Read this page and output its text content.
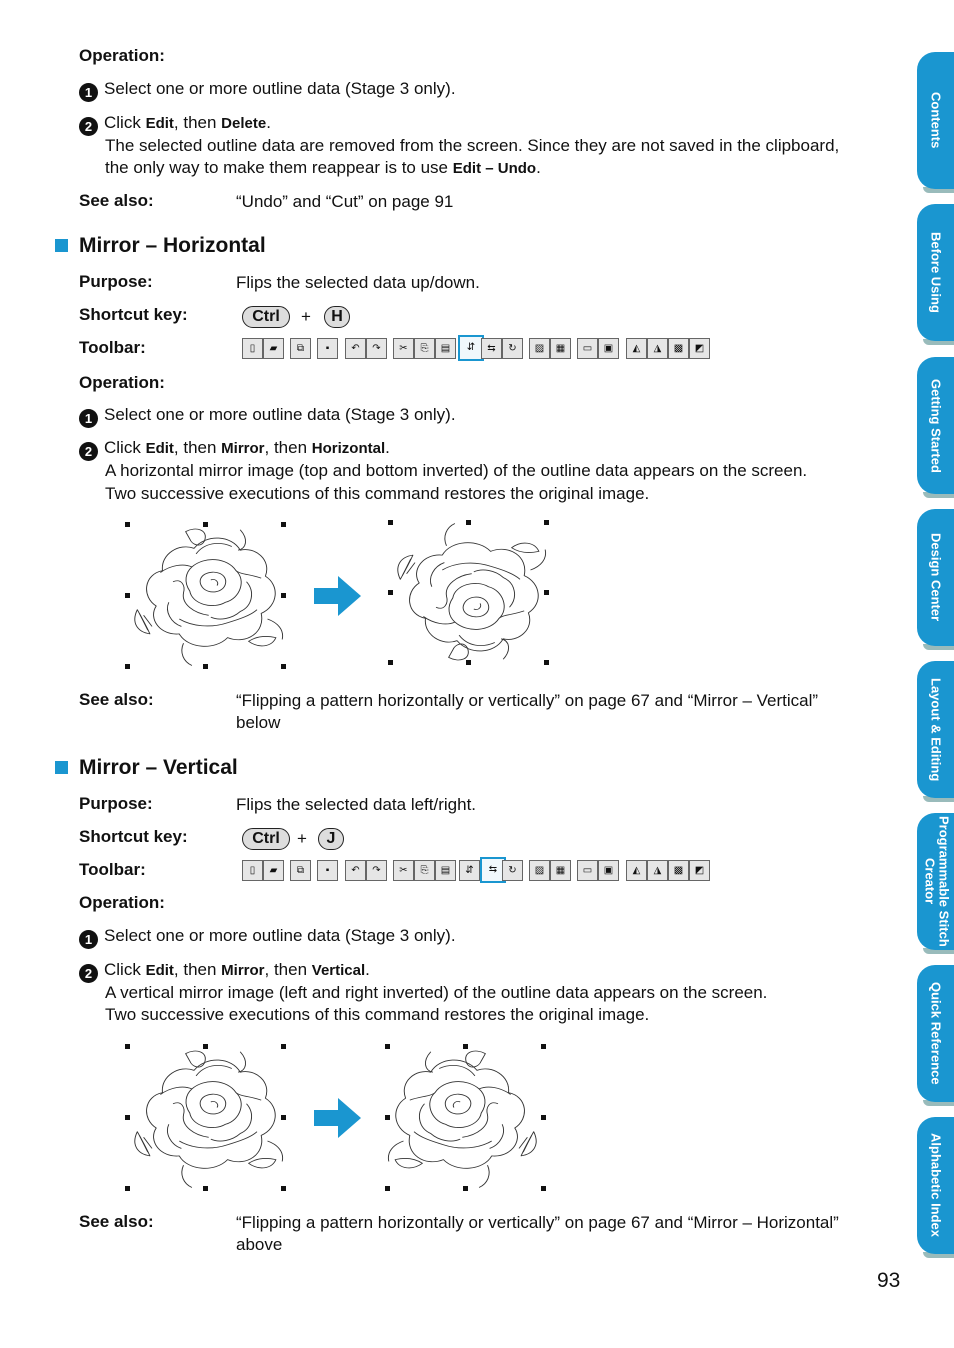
Operation:
1 Select one or more outline data (Stage 3 only).
2 Click Edit, then Delete.
The selected outline data are removed from the screen. Since they are not saved in the clipboard,
the only way to make them reappear is to use Edit – Undo.
See also:	“Undo” and “Cut” on page 91
Mirror – Horizontal
Purpose:	Flips the selected data up/down.
Shortcut key:	Ctrl	+	H
Toolbar:	▯	▰	⧉	▪	↶	↷	✂	⎘	▤	⇵	⇆	↻	▨	▦	▭	▣	◭	◮	▩	◩
Operation:
1 Select one or more outline data (Stage 3 only).
2 Click Edit, then Mirror, then Horizontal.
A horizontal mirror image (top and bottom inverted) of the outline data appears on the screen.
Two successive executions of this command restores the original image.
See also:	“Flipping a pattern horizontally or vertically” on page 67 and “Mirror – Vertical”
below
Mirror – Vertical
Purpose:	Flips the selected data left/right.
Shortcut key:	Ctrl	+	J
Toolbar:	▯	▰	⧉	▪	↶	↷	✂	⎘	▤	⇵	⇆	↻	▨	▦	▭	▣	◭	◮	▩	◩
Operation:
1 Select one or more outline data (Stage 3 only).
2 Click Edit, then Mirror, then Vertical.
A vertical mirror image (left and right inverted) of the outline data appears on the screen.
Two successive executions of this command restores the original image.
See also:	“Flipping a pattern horizontally or vertically” on page 67 and “Mirror – Horizontal”
above
Contents
Before Using
Getting Started
Design Center
Layout & Editing
Programmable Stitch Creator
Quick Reference
Alphabetic Index
93
